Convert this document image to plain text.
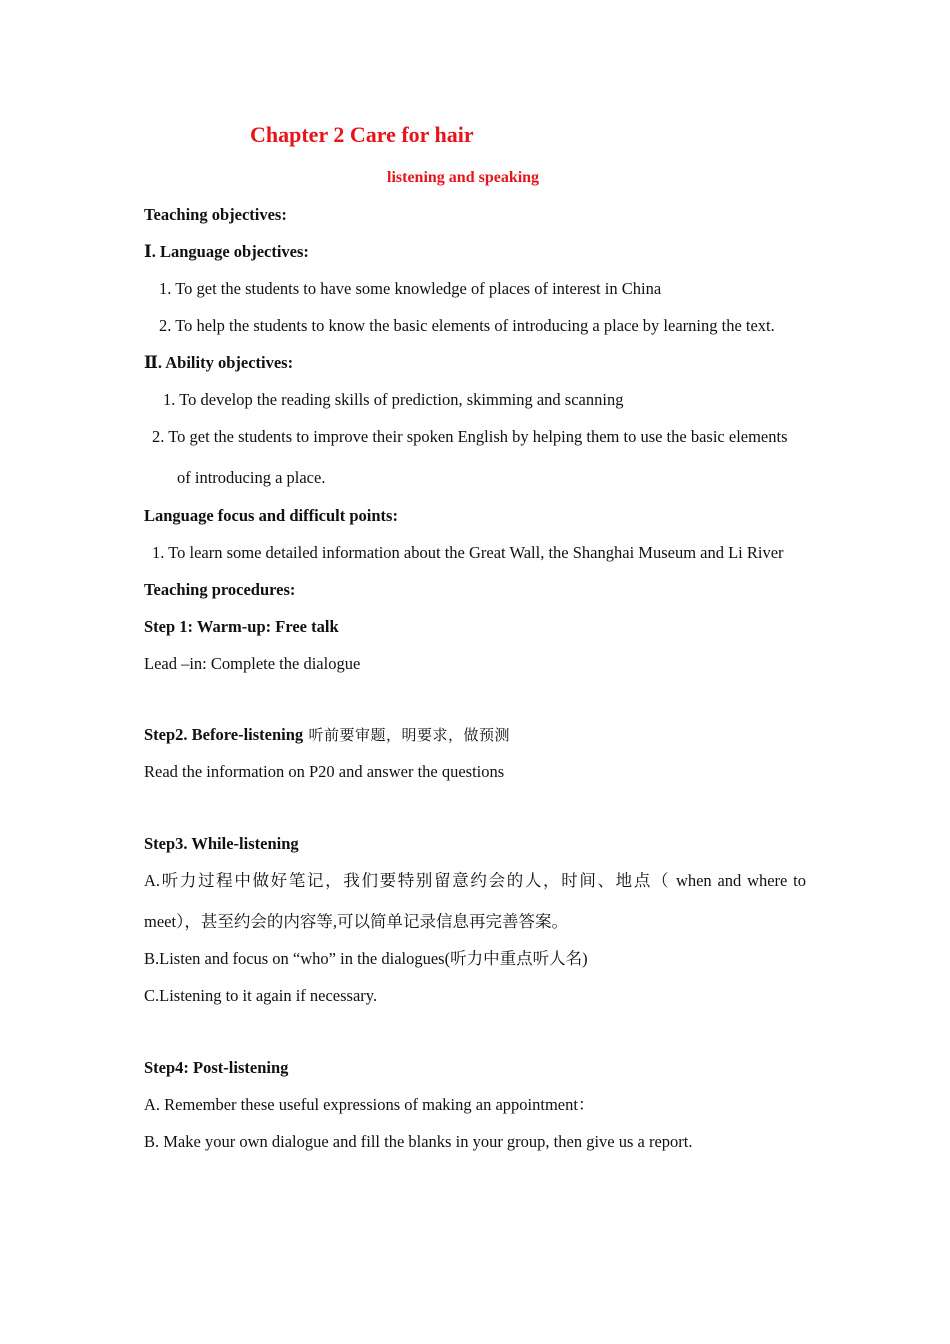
Chapter 2 Care for hair
listening and speaking
Teaching objectives:
Ⅰ. Language objectives:
1. To get the students to have some knowledge of places of interest in China
2. To help the students to know the basic elements of introducing a place by learning the text.
Ⅱ. Ability objectives:
1. To develop the reading skills of prediction, skimming and scanning
2. To get the students to improve their spoken English by helping them to use the basic elements
of introducing a place.
Language focus and difficult points:
1. To learn some detailed information about the Great Wall, the Shanghai Museum and Li River
Teaching procedures:
Step 1: Warm-up: Free talk
Lead –in: Complete the dialogue
Step2. Before-listening 听前要审题，明要求，做预测
Read the information on P20 and answer the questions
Step3. While-listening
A.听力过程中做好笔记，我们要特别留意约会的人，时间、地点（ when and where to
meet），甚至约会的内容等,可以简单记录信息再完善答案。
B.Listen and focus on “who” in the dialogues(听力中重点听人名)
C.Listening to it again if necessary.
Step4: Post-listening
A. Remember these useful expressions of making an appointment：
B. Make your own dialogue and fill the blanks in your group, then give us a report.
